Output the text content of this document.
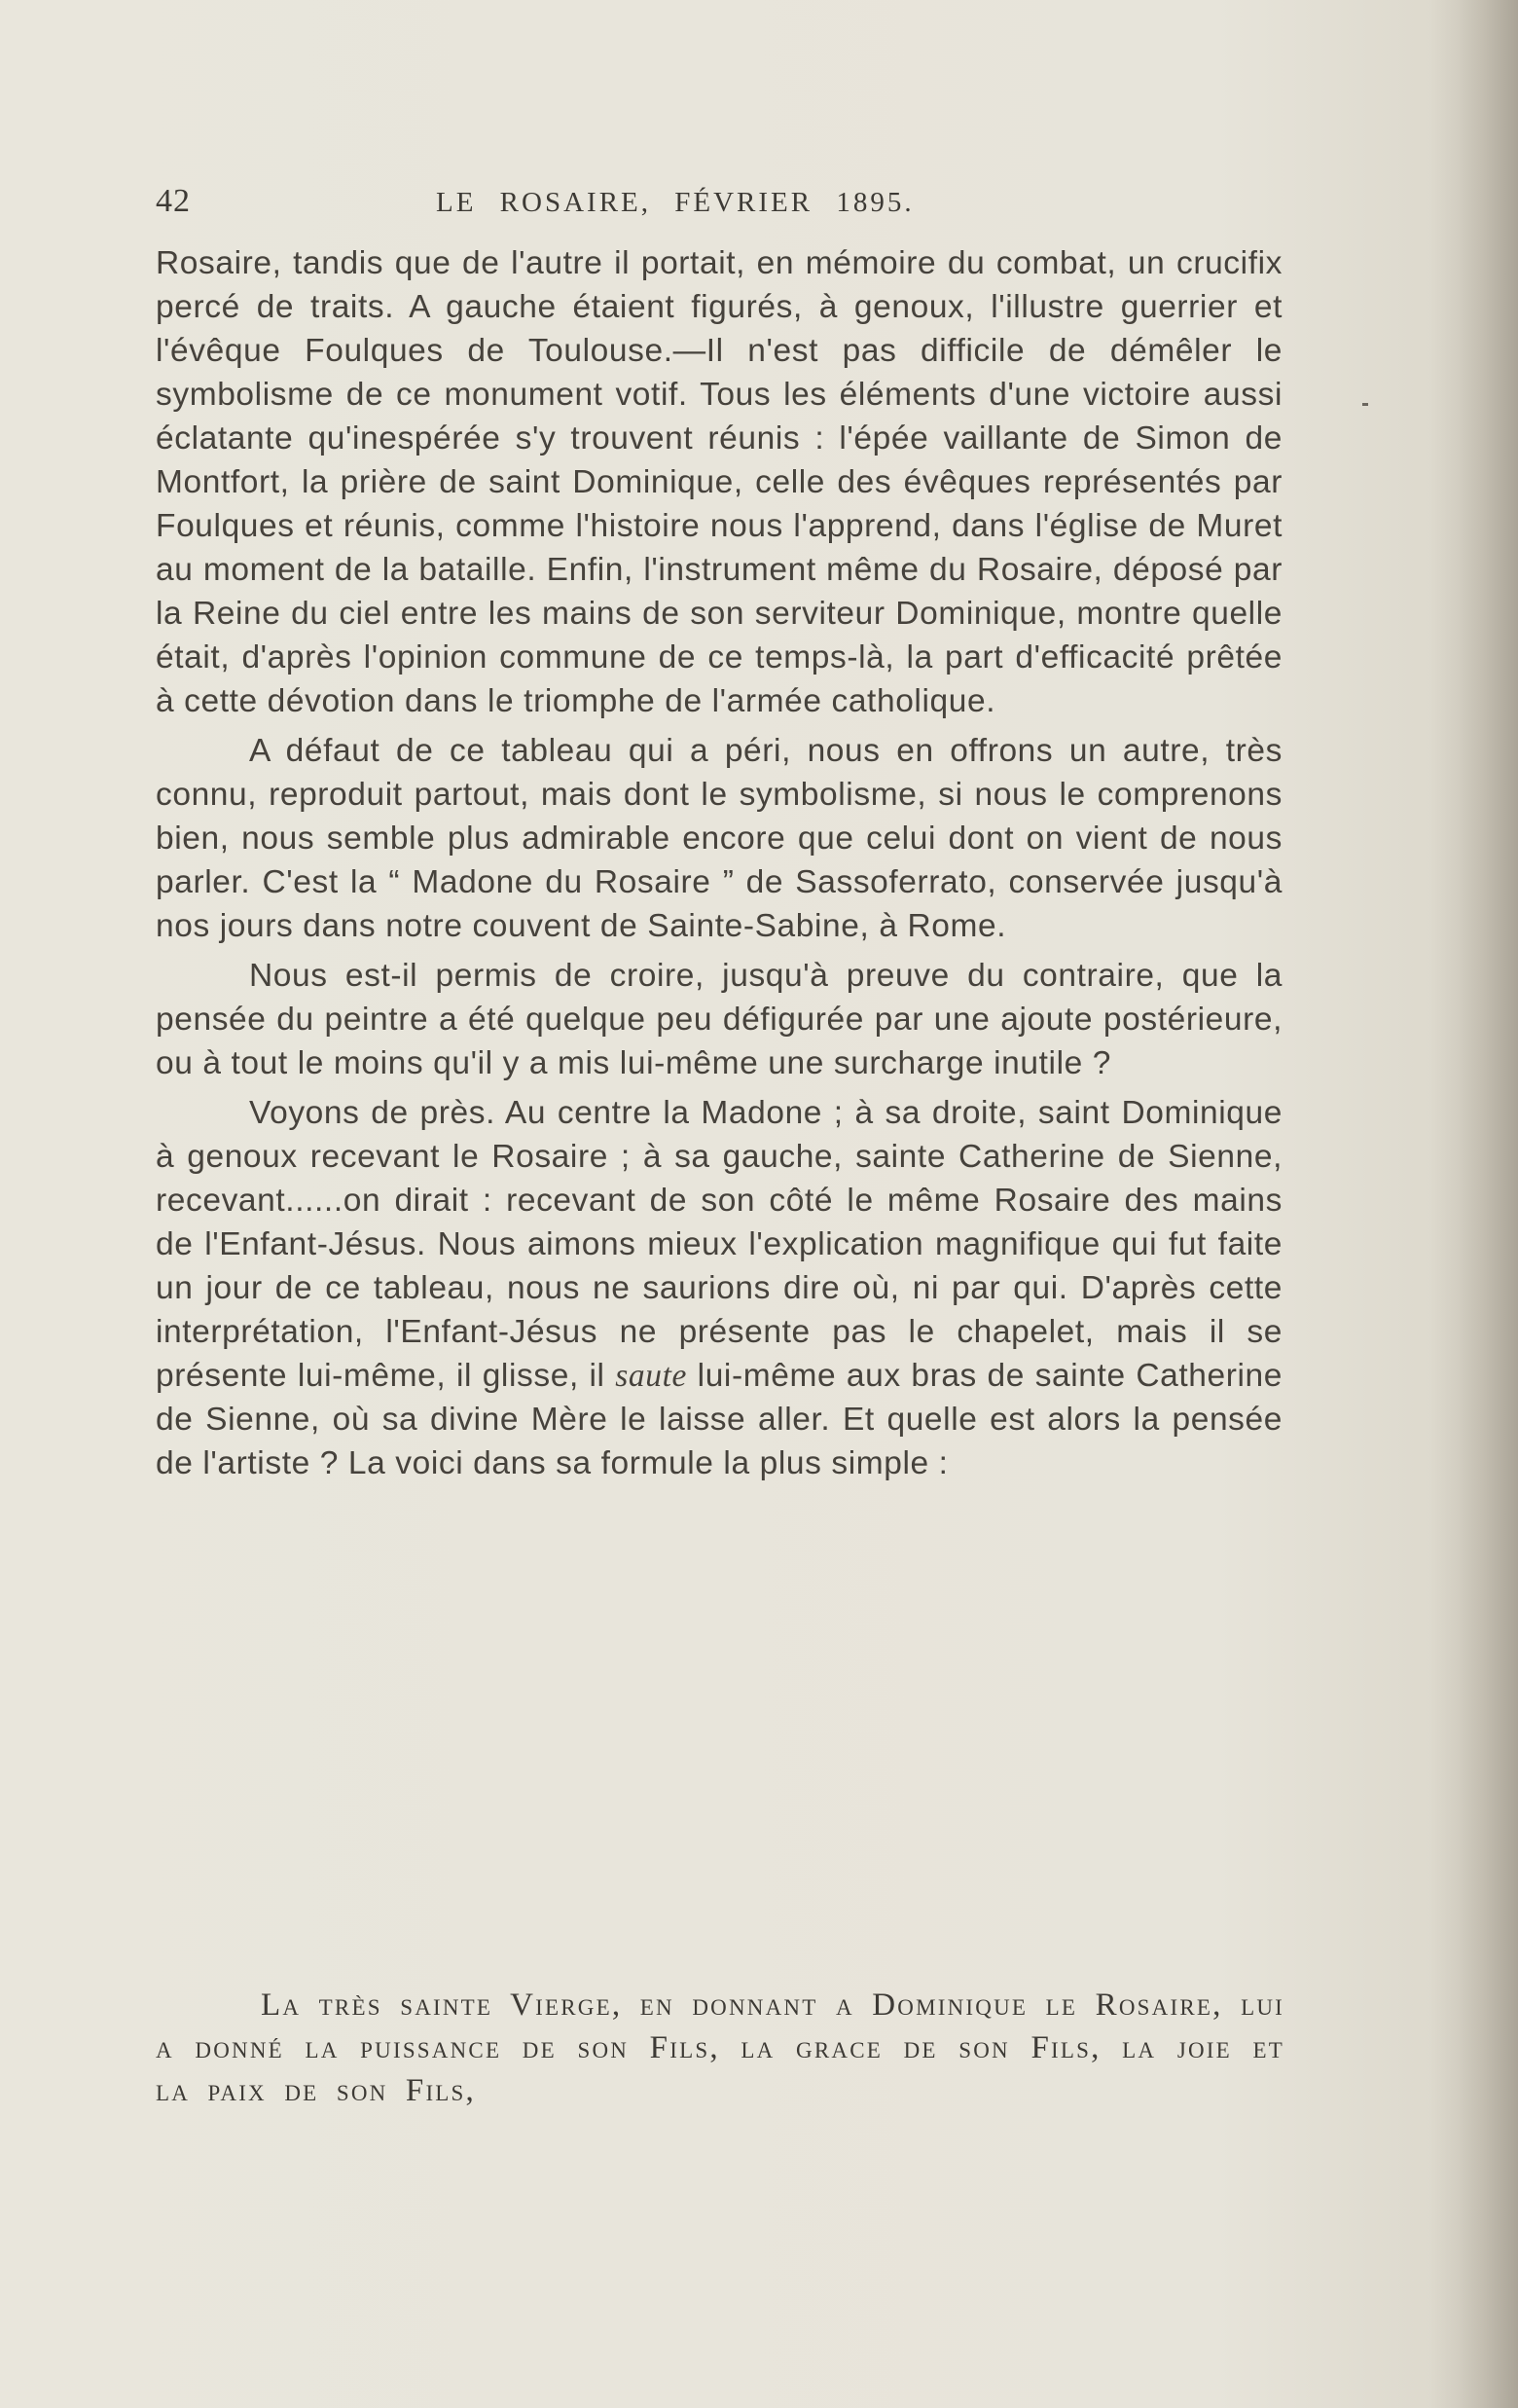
42	LE ROSAIRE, FÉVRIER 1895.

Rosaire, tandis que de l'autre il portait, en mémoire du combat, un crucifix percé de traits. A gauche étaient figurés, à genoux, l'illustre guerrier et l'évêque Foulques de Toulouse.—Il n'est pas difficile de démêler le symbolisme de ce monument votif. Tous les éléments d'une victoire aussi éclatante qu'inespérée s'y trouvent réunis : l'épée vaillante de Simon de Montfort, la prière de saint Dominique, celle des évêques représentés par Foulques et réunis, comme l'histoire nous l'apprend, dans l'église de Muret au moment de la bataille. Enfin, l'instrument même du Rosaire, déposé par la Reine du ciel entre les mains de son serviteur Dominique, montre quelle était, d'après l'opinion commune de ce temps-là, la part d'efficacité prêtée à cette dévotion dans le triomphe de l'armée catholique.

A défaut de ce tableau qui a péri, nous en offrons un autre, très connu, reproduit partout, mais dont le symbolisme, si nous le comprenons bien, nous semble plus admirable encore que celui dont on vient de nous parler. C'est la “ Madone du Rosaire ” de Sassoferrato, conservée jusqu'à nos jours dans notre couvent de Sainte-Sabine, à Rome.

Nous est-il permis de croire, jusqu'à preuve du contraire, que la pensée du peintre a été quelque peu défigurée par une ajoute postérieure, ou à tout le moins qu'il y a mis lui-même une surcharge inutile ?

Voyons de près. Au centre la Madone ; à sa droite, saint Dominique à genoux recevant le Rosaire ; à sa gauche, sainte Catherine de Sienne, recevant......on dirait : recevant de son côté le même Rosaire des mains de l'Enfant-Jésus. Nous aimons mieux l'explication magnifique qui fut faite un jour de ce tableau, nous ne saurions dire où, ni par qui. D'après cette interprétation, l'Enfant-Jésus ne présente pas le chapelet, mais il se présente lui-même, il glisse, il saute lui-même aux bras de sainte Catherine de Sienne, où sa divine Mère le laisse aller. Et quelle est alors la pensée de l'artiste ? La voici dans sa formule la plus simple :

La très sainte Vierge, en donnant a Dominique le Rosaire, lui a donné la puissance de son Fils, la grace de son Fils, la joie et la paix de son Fils,
